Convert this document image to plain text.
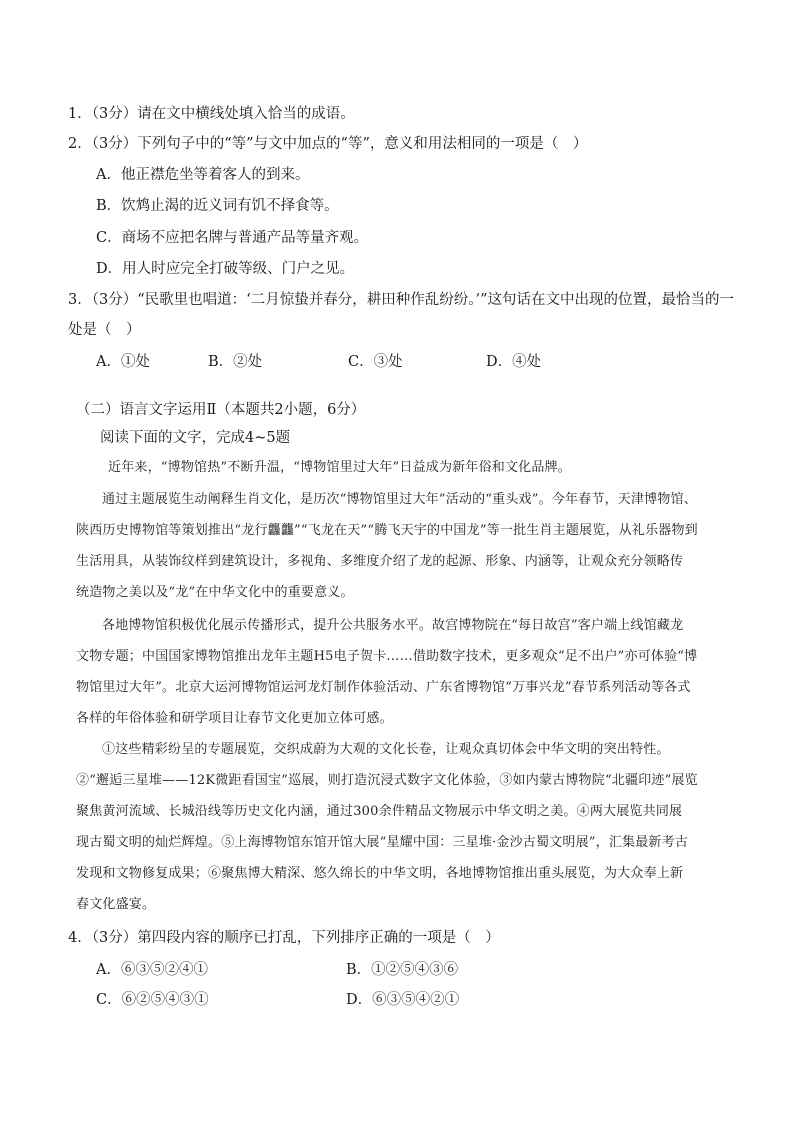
1．（3分）请在文中横线处填入恰当的成语。
2．（3分）下列句子中的“等”与文中加点的“等”，意义和用法相同的一项是（　）
A．他正襟危坐等着客人的到来。
B．饮鸩止渴的近义词有饥不择食等。
C．商场不应把名牌与普通产品等量齐观。
D．用人时应完全打破等级、门户之见。
3．（3分）“民歌里也唱道：‘二月惊蛰并春分，耕田种作乱纷纷。’”这句话在文中出现的位置，最恰当的一
处是（　）
A．①处	B．②处	C．③处	D．④处
（二）语言文字运用Ⅱ（本题共2小题，6分）
阅读下面的文字，完成4~5题
近年来，“博物馆热”不断升温，“博物馆里过大年”日益成为新年俗和文化品牌。
通过主题展览生动阐释生肖文化，是历次“博物馆里过大年”活动的“重头戏”。今年春节，天津博物馆、
陕西历史博物馆等策划推出“龙行龘龘”“飞龙在天”“腾飞天宇的中国龙”等一批生肖主题展览，从礼乐器物到
生活用具，从装饰纹样到建筑设计，多视角、多维度介绍了龙的起源、形象、内涵等，让观众充分领略传
统造物之美以及“龙”在中华文化中的重要意义。
各地博物馆积极优化展示传播形式，提升公共服务水平。故宫博物院在“每日故宫”客户端上线馆藏龙
文物专题；中国国家博物馆推出龙年主题H5电子贺卡……借助数字技术，更多观众“足不出户”亦可体验“博
物馆里过大年”。北京大运河博物馆运河龙灯制作体验活动、广东省博物馆“万事兴龙”春节系列活动等各式
各样的年俗体验和研学项目让春节文化更加立体可感。
①这些精彩纷呈的专题展览，交织成蔚为大观的文化长卷，让观众真切体会中华文明的突出特性。
②“邂逅三星堆——12K微距看国宝”巡展，则打造沉浸式数字文化体验，③如内蒙古博物院“北疆印迹”展览
聚焦黄河流域、长城沿线等历史文化内涵，通过300余件精品文物展示中华文明之美。④两大展览共同展
现古蜀文明的灿烂辉煌。⑤上海博物馆东馆开馆大展“星耀中国：三星堆·金沙古蜀文明展”，汇集最新考古
发现和文物修复成果；⑥聚焦博大精深、悠久绵长的中华文明，各地博物馆推出重头展览，为大众奉上新
春文化盛宴。
4．（3分）第四段内容的顺序已打乱，下列排序正确的一项是（　）
A．⑥③⑤②④①	B．①②⑤④③⑥
C．⑥②⑤④③①	D．⑥③⑤④②①
